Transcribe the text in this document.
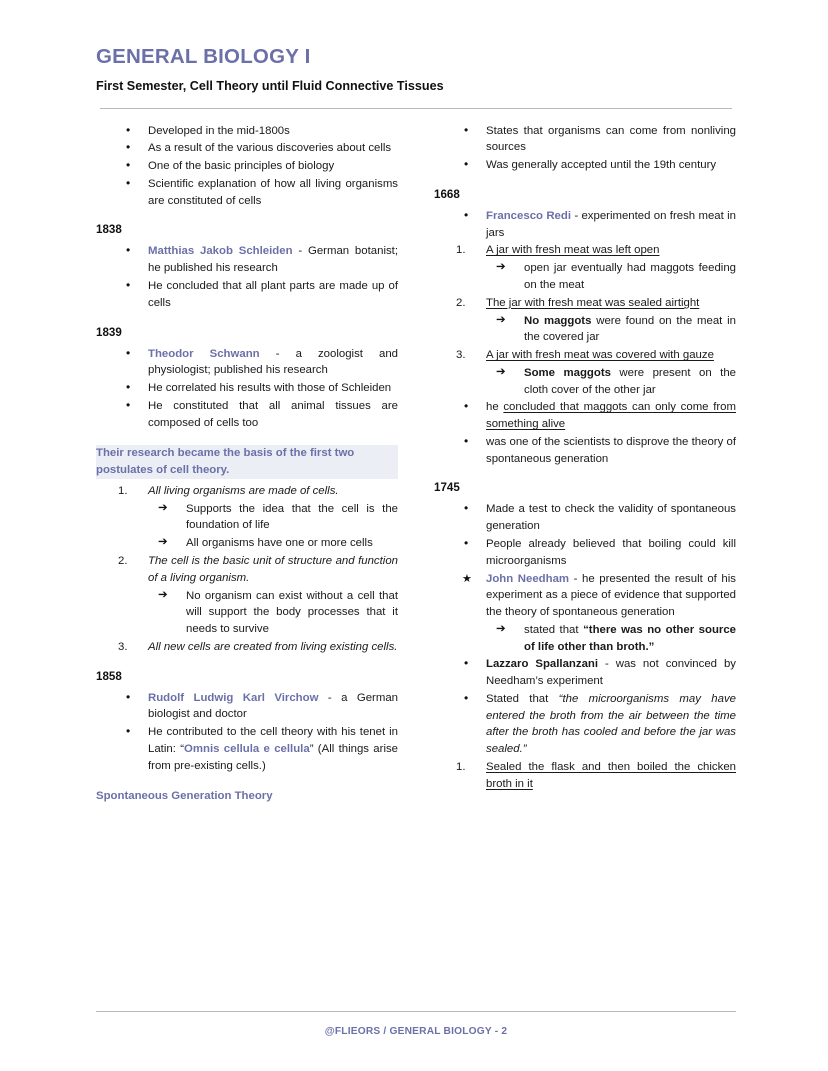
GENERAL BIOLOGY I
First Semester, Cell Theory until Fluid Connective Tissues
• Developed in the mid-1800s
• As a result of the various discoveries about cells
• One of the basic principles of biology
• Scientific explanation of how all living organisms are constituted of cells
1838
• Matthias Jakob Schleiden - German botanist; he published his research
• He concluded that all plant parts are made up of cells
1839
• Theodor Schwann - a zoologist and physiologist; published his research
• He correlated his results with those of Schleiden
• He constituted that all animal tissues are composed of cells too
Their research became the basis of the first two postulates of cell theory.
1.	All living organisms are made of cells.
➔ Supports the idea that the cell is the foundation of life
➔ All organisms have one or more cells
2.	The cell is the basic unit of structure and function of a living organism.
➔ No organism can exist without a cell that will support the body processes that it needs to survive
3.	All new cells are created from living existing cells.
1858
• Rudolf Ludwig Karl Virchow - a German biologist and doctor
• He contributed to the cell theory with his tenet in Latin: “Omnis cellula e cellula” (All things arise from pre-existing cells.)
Spontaneous Generation Theory
• States that organisms can come from nonliving sources
• Was generally accepted until the 19th century
1668
• Francesco Redi - experimented on fresh meat in jars
1.	A jar with fresh meat was left open
➔ open jar eventually had maggots feeding on the meat
2.	The jar with fresh meat was sealed airtight
➔ No maggots were found on the meat in the covered jar
3.	A jar with fresh meat was covered with gauze
➔ Some maggots were present on the cloth cover of the other jar
• he concluded that maggots can only come from something alive
• was one of the scientists to disprove the theory of spontaneous generation
1745
• Made a test to check the validity of spontaneous generation
• People already believed that boiling could kill microorganisms
★ John Needham - he presented the result of his experiment as a piece of evidence that supported the theory of spontaneous generation
➔ stated that “there was no other source of life other than broth.”
• Lazzaro Spallanzani - was not convinced by Needham’s experiment
• Stated that “the microorganisms may have entered the broth from the air between the time after the broth has cooled and before the jar was sealed.”
1.	Sealed the flask and then boiled the chicken broth in it
@FLIEORS / GENERAL BIOLOGY - 2
